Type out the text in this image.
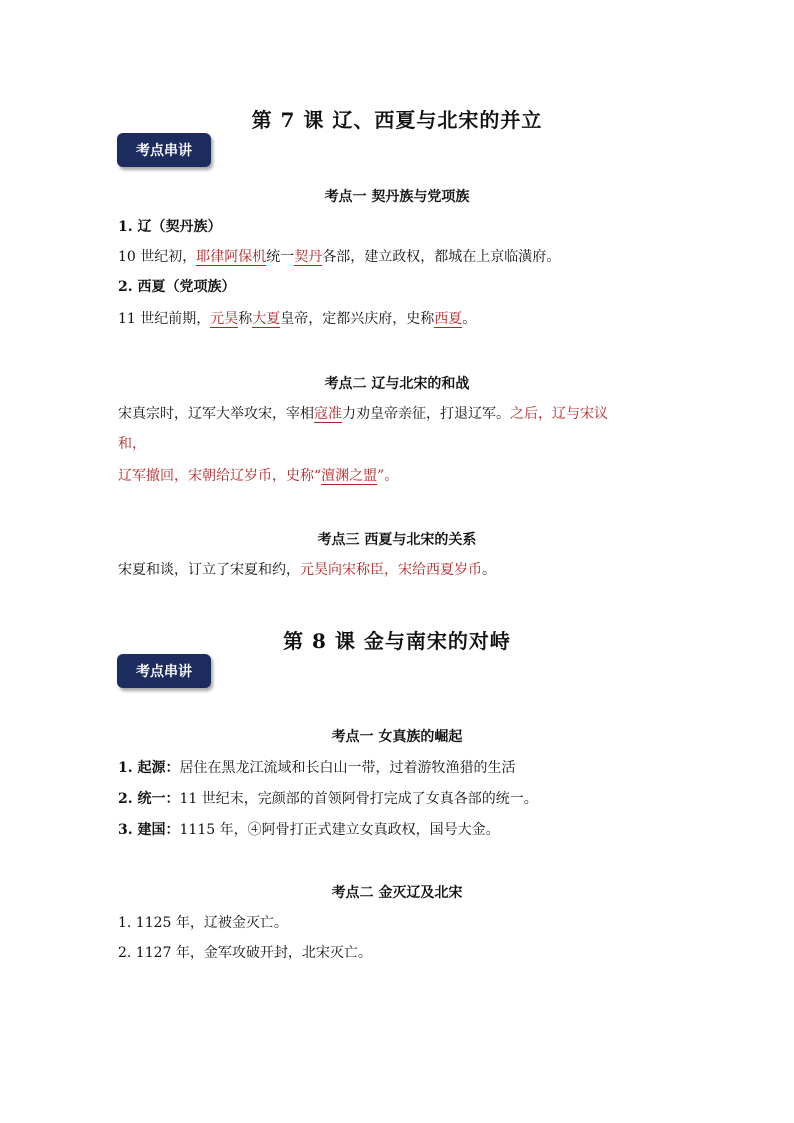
第 7 课 辽、西夏与北宋的并立
考点串讲
考点一 契丹族与党项族
1. 辽（契丹族）
10 世纪初，耶律阿保机统一契丹各部，建立政权，都城在上京临潢府。
2. 西夏（党项族）
11 世纪前期，元昊称大夏皇帝，定都兴庆府，史称西夏。
考点二 辽与北宋的和战
宋真宗时，辽军大举攻宋，宰相寇准力劝皇帝亲征，打退辽军。之后，辽与宋议
和，
辽军撤回，宋朝给辽岁币，史称“澶渊之盟”。
考点三 西夏与北宋的关系
宋夏和谈，订立了宋夏和约，元昊向宋称臣，宋给西夏岁币。
第 8 课 金与南宋的对峙
考点串讲
考点一 女真族的崛起
1. 起源：居住在黑龙江流域和长白山一带，过着游牧渔猎的生活
2. 统一：11 世纪末，完颜部的首领阿骨打完成了女真各部的统一。
3. 建国：1115 年，④阿骨打正式建立女真政权，国号大金。
考点二 金灭辽及北宋
1. 1125 年，辽被金灭亡。
2. 1127 年，金军攻破开封，北宋灭亡。
